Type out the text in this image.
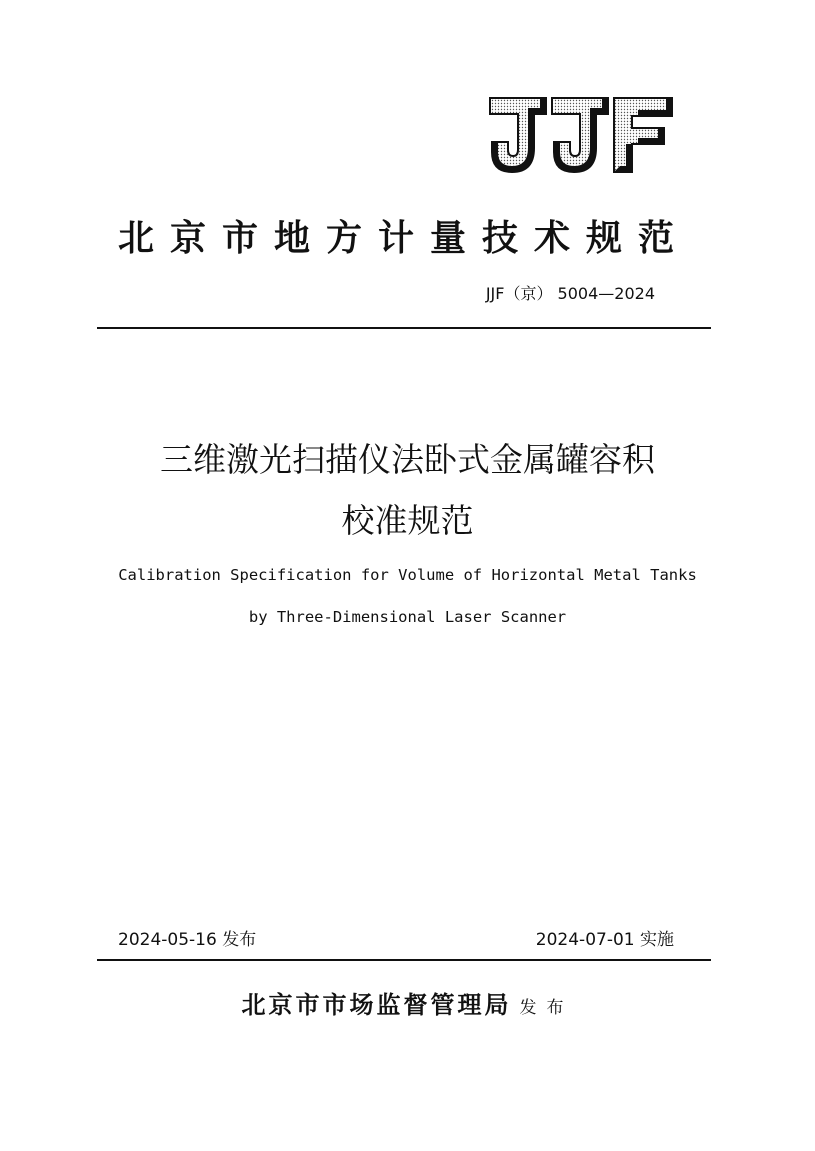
北京市地方计量技术规范
JJF（京） 5004—2024
三维激光扫描仪法卧式金属罐容积
校准规范
Calibration Specification for Volume of Horizontal Metal Tanks
by Three-Dimensional Laser Scanner
2024-05-16 发布	2024-07-01 实施
北京市市场监督管理局 发布
